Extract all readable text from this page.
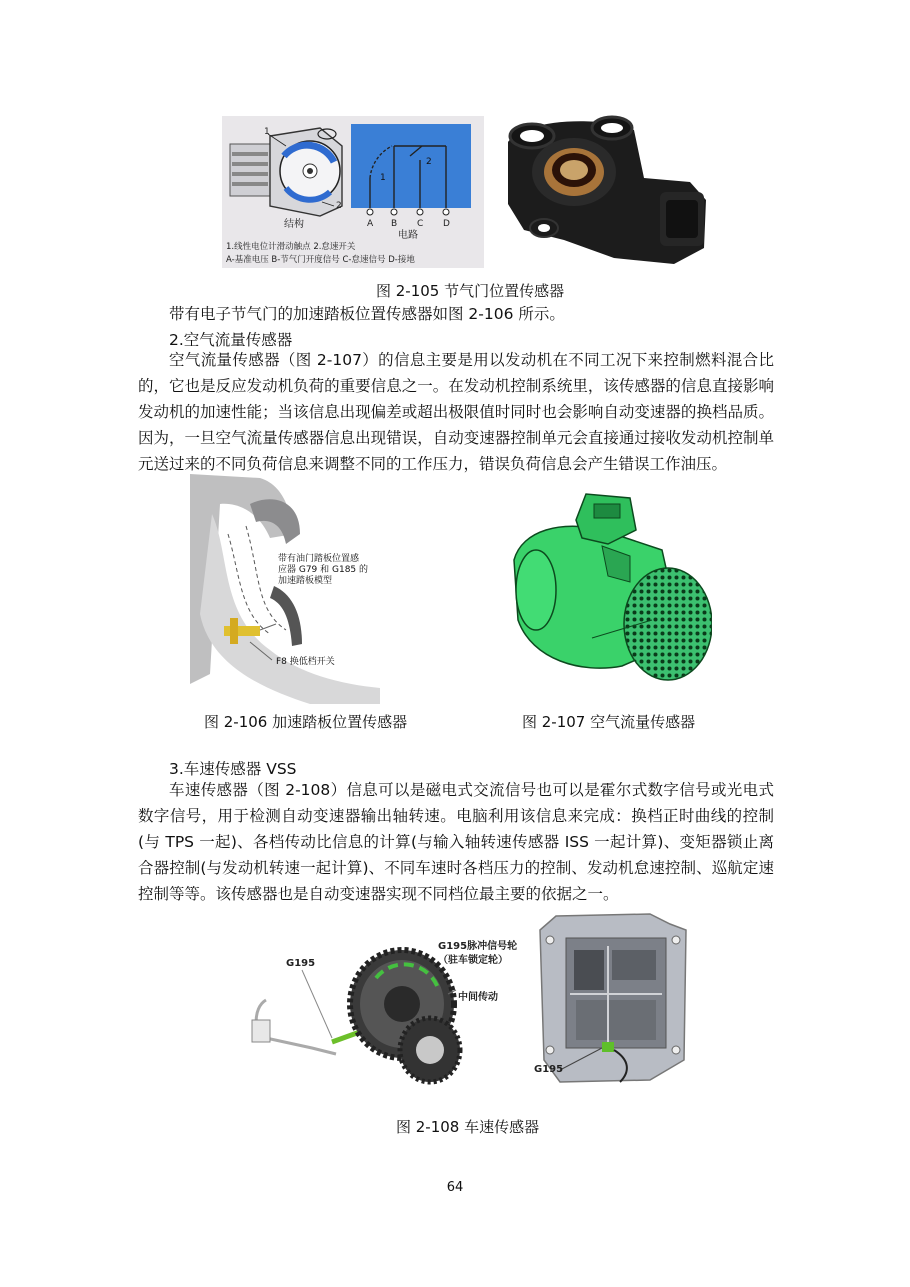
1
2
2
1
A B C D
结构
电路
1.线性电位计滑动触点 2.怠速开关
A-基准电压 B-节气门开度信号 C-怠速信号 D-接地
图 2-105 节气门位置传感器
带有电子节气门的加速踏板位置传感器如图 2-106 所示。
2.空气流量传感器

空气流量传感器（图 2-107）的信息主要是用以发动机在不同工况下来控制燃料混合比的，它也是反应发动机负荷的重要信息之一。在发动机控制系统里，该传感器的信息直接影响发动机的加速性能；当该信息出现偏差或超出极限值时同时也会影响自动变速器的换档品质。因为，一旦空气流量传感器信息出现错误，自动变速器控制单元会直接通过接收发动机控制单元送过来的不同负荷信息来调整不同的工作压力，错误负荷信息会产生错误工作油压。

带有油门踏板位置感
应器 G79 和 G185 的
加速踏板模型
F8 换低档开关
图 2-106 加速踏板位置传感器	图 2-107 空气流量传感器
3.车速传感器 VSS

车速传感器（图 2-108）信息可以是磁电式交流信号也可以是霍尔式数字信号或光电式数字信号，用于检测自动变速器输出轴转速。电脑利用该信息来完成：换档正时曲线的控制(与 TPS 一起)、各档传动比信息的计算(与输入轴转速传感器 ISS 一起计算)、变矩器锁止离合器控制(与发动机转速一起计算)、不同车速时各档压力的控制、发动机怠速控制、巡航定速控制等等。该传感器也是自动变速器实现不同档位最主要的依据之一。

G195
G195脉冲信号轮
（驻车锁定轮）
中间传动
G195
图 2-108 车速传感器
64
